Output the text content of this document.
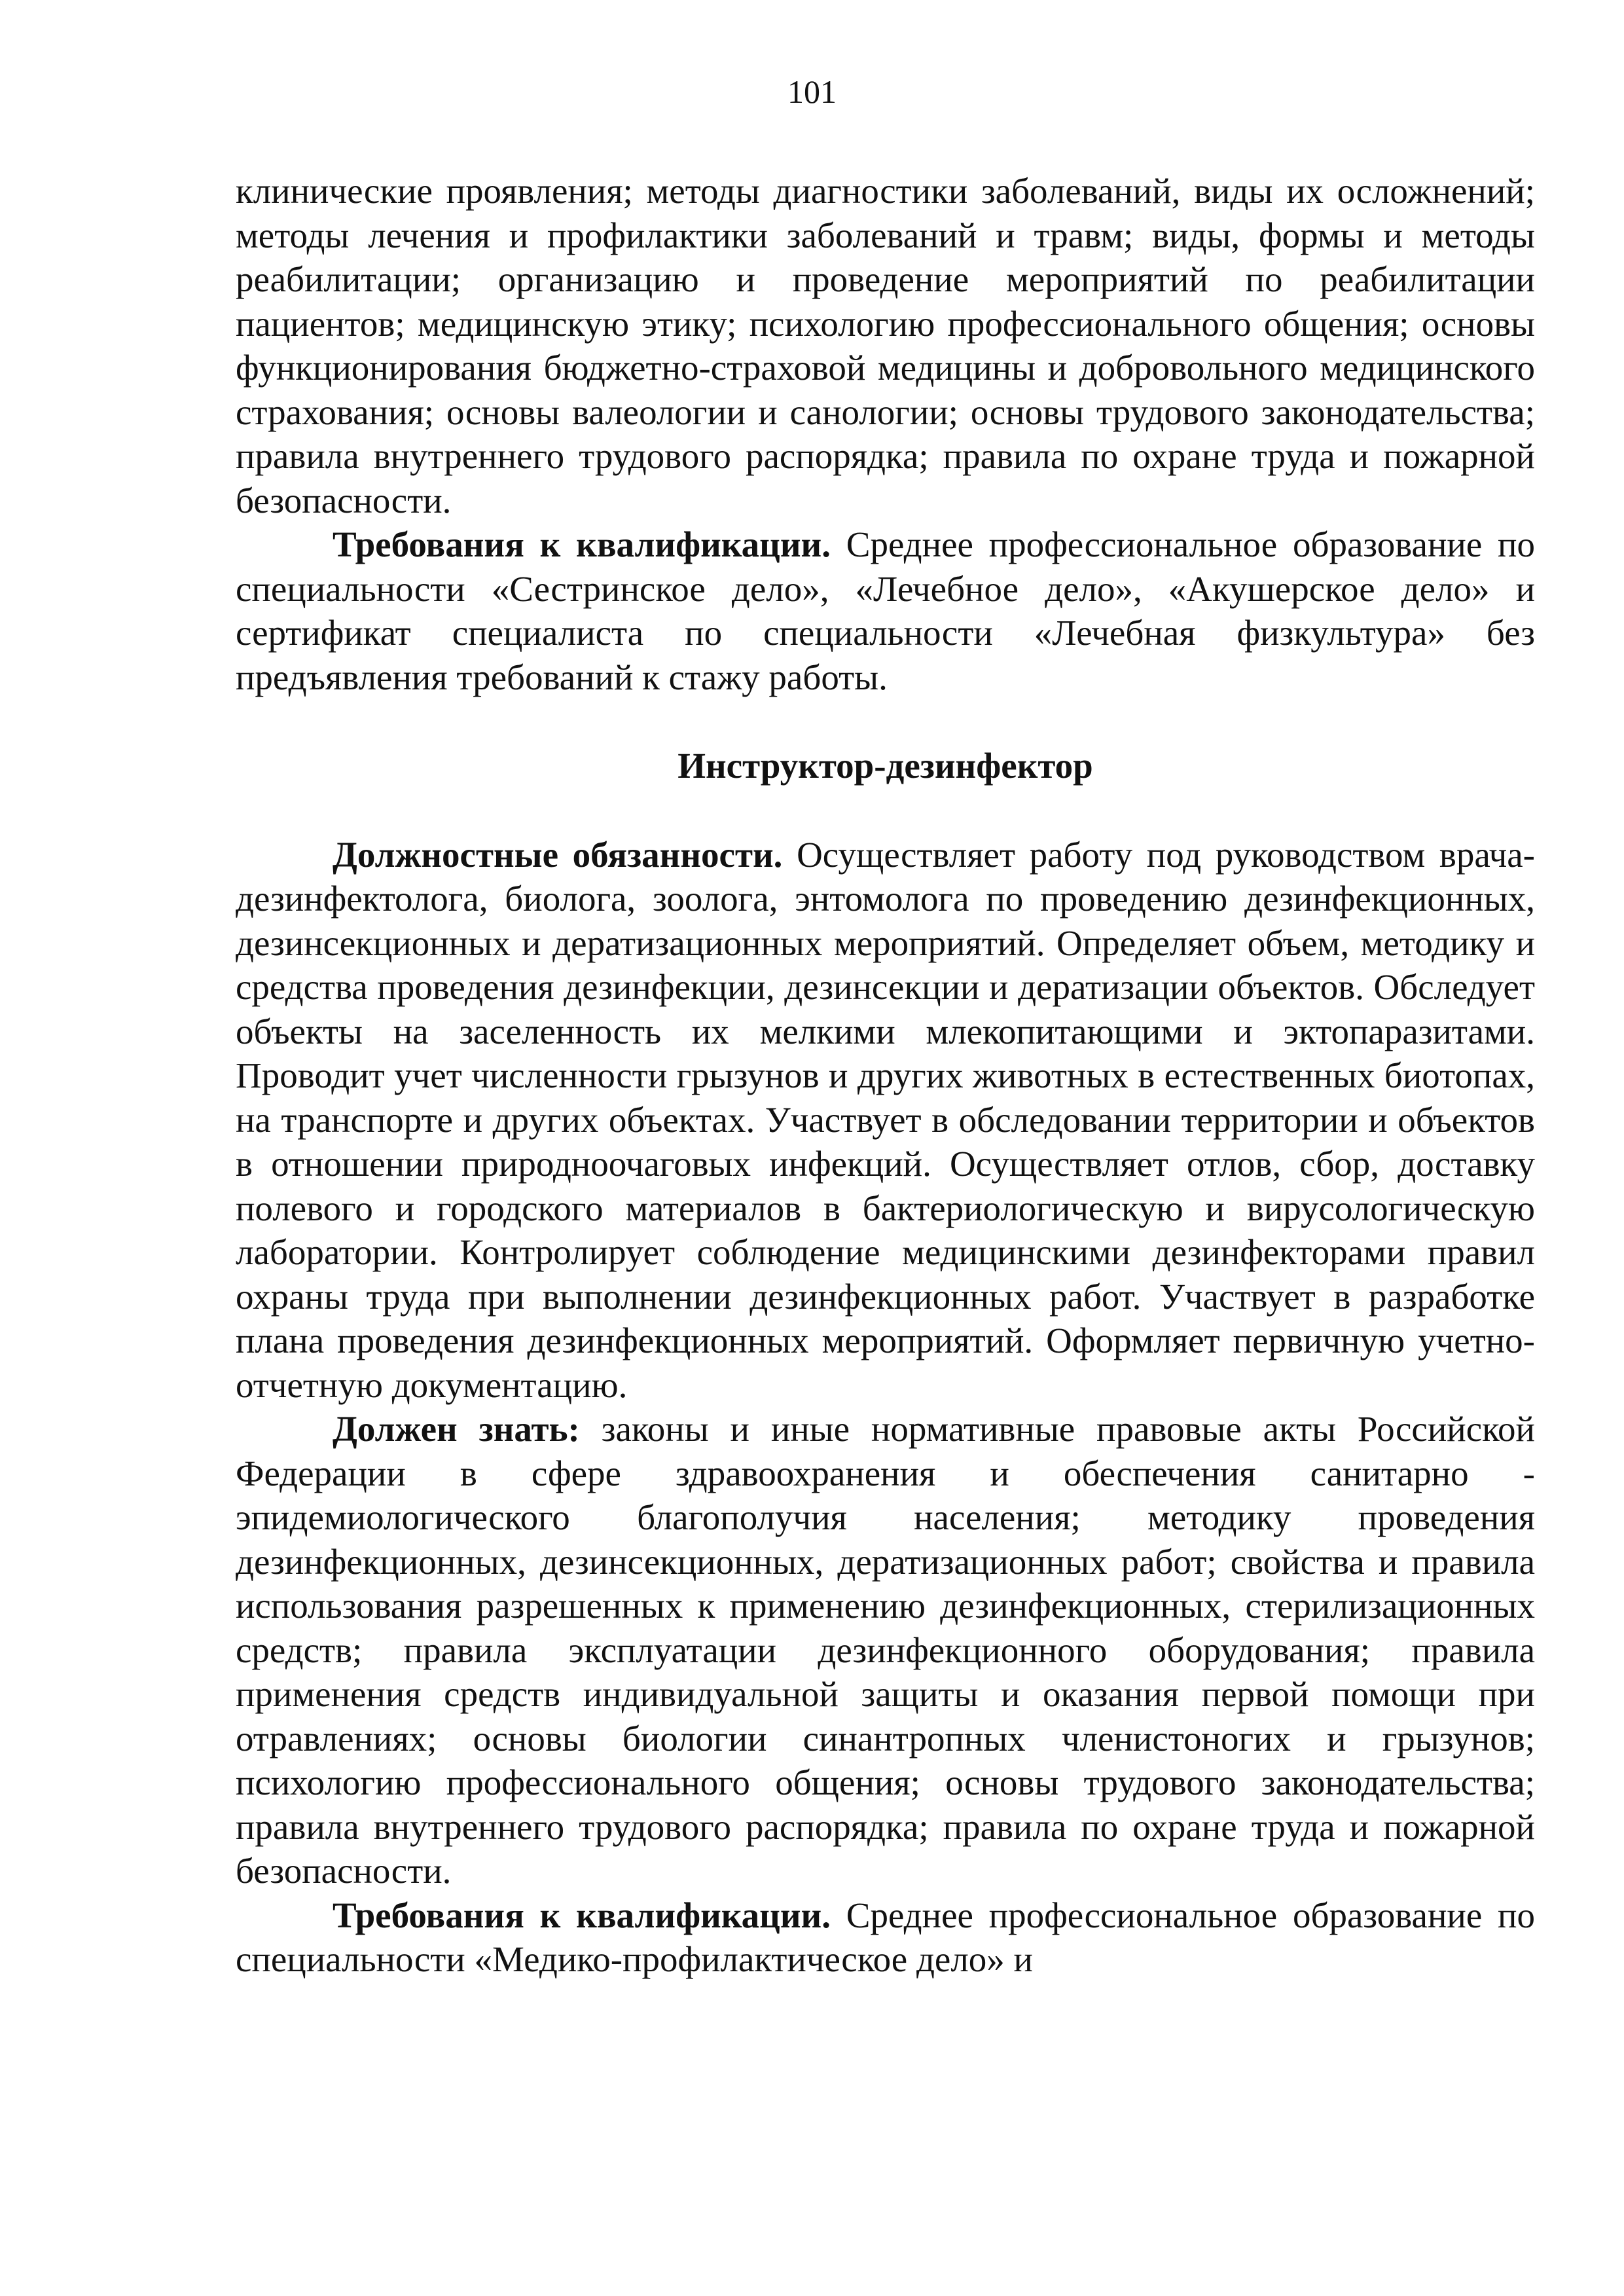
101

клинические проявления; методы диагностики заболеваний, виды их осложнений; методы лечения и профилактики заболеваний и травм; виды, формы и методы реабилитации; организацию и проведение мероприятий по реабилитации пациентов; медицинскую этику; психологию профессионального общения; основы функционирования бюджетно-страховой медицины и добровольного медицинского страхования; основы валеологии и санологии; основы трудового законодательства; правила внутреннего трудового распорядка; правила по охране труда и пожарной безопасности.

Требования к квалификации. Среднее профессиональное образование по специальности «Сестринское дело», «Лечебное дело», «Акушерское дело» и сертификат специалиста по специальности «Лечебная физкультура» без предъявления требований к стажу работы.

Инструктор-дезинфектор

Должностные обязанности. Осуществляет работу под руководством врача-дезинфектолога, биолога, зоолога, энтомолога по проведению дезинфекционных, дезинсекционных и дератизационных мероприятий. Определяет объем, методику и средства проведения дезинфекции, дезинсекции и дератизации объектов. Обследует объекты на заселенность их мелкими млекопитающими и эктопаразитами. Проводит учет численности грызунов и других животных в естественных биотопах, на транспорте и других объектах. Участвует в обследовании территории и объектов в отношении природноочаговых инфекций. Осуществляет отлов, сбор, доставку полевого и городского материалов в бактериологическую и вирусологическую лаборатории. Контролирует соблюдение медицинскими дезинфекторами правил охраны труда при выполнении дезинфекционных работ. Участвует в разработке плана проведения дезинфекционных мероприятий. Оформляет первичную учетно-отчетную документацию.

Должен знать: законы и иные нормативные правовые акты Российской Федерации в сфере здравоохранения и обеспечения санитарно - эпидемиологического благополучия населения; методику проведения дезинфекционных, дезинсекционных, дератизационных работ; свойства и правила использования разрешенных к применению дезинфекционных, стерилизационных средств; правила эксплуатации дезинфекционного оборудования; правила применения средств индивидуальной защиты и оказания первой помощи при отравлениях; основы биологии синантропных членистоногих и грызунов; психологию профессионального общения; основы трудового законодательства; правила внутреннего трудового распорядка; правила по охране труда и пожарной безопасности.

Требования к квалификации. Среднее профессиональное образование по специальности «Медико-профилактическое дело» и
